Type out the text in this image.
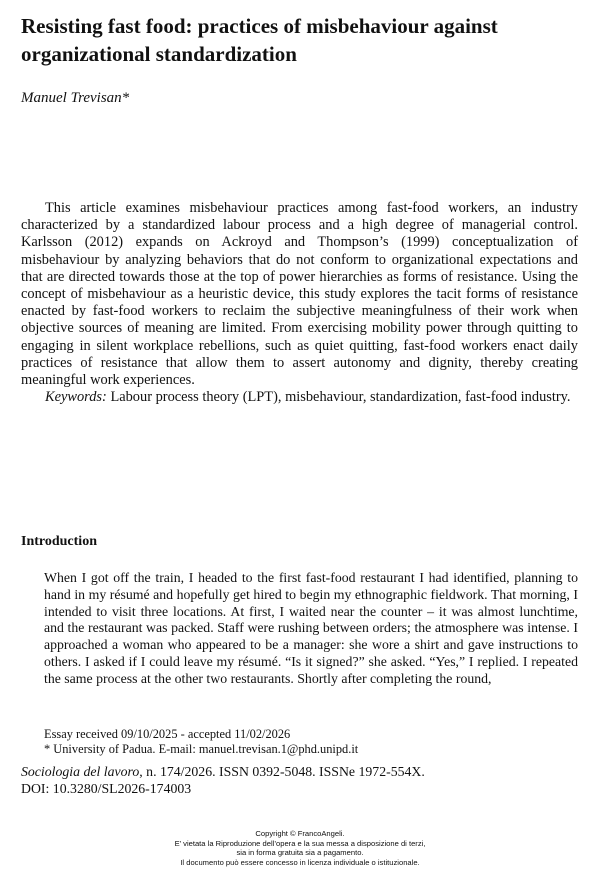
Resisting fast food: practices of misbehaviour against organizational standardization
Manuel Trevisan*

This article examines misbehaviour practices among fast-food workers, an industry characterized by a standardized labour process and a high degree of managerial control. Karlsson (2012) expands on Ackroyd and Thompson’s (1999) conceptualization of misbehaviour by analyzing behaviors that do not conform to organizational expectations and that are directed towards those at the top of power hierarchies as forms of resistance. Using the concept of misbehaviour as a heuristic device, this study explores the tacit forms of resistance enacted by fast-food workers to reclaim the subjective meaningfulness of their work when objective sources of meaning are limited. From exercising mobility power through quitting to engaging in silent workplace rebellions, such as quiet quitting, fast-food workers enact daily practices of resistance that allow them to assert autonomy and dignity, thereby creating meaningful work experiences.

Keywords: Labour process theory (LPT), misbehaviour, standardization, fast-food industry.

Introduction

When I got off the train, I headed to the first fast-food restaurant I had identified, planning to hand in my résumé and hopefully get hired to begin my ethnographic fieldwork. That morning, I intended to visit three locations. At first, I waited near the counter – it was almost lunchtime, and the restaurant was packed. Staff were rushing between orders; the atmosphere was intense. I approached a woman who appeared to be a manager: she wore a shirt and gave instructions to others. I asked if I could leave my résumé. “Is it signed?” she asked. “Yes,” I replied. I repeated the same process at the other two restaurants. Shortly after completing the round,

Essay received 09/10/2025 - accepted 11/02/2026
* University of Padua. E-mail: manuel.trevisan.1@phd.unipd.it
Sociologia del lavoro, n. 174/2026. ISSN 0392-5048. ISSNe 1972-554X.
DOI: 10.3280/SL2026-174003
Copyright © FrancoAngeli.
E’ vietata la Riproduzione dell’opera e la sua messa a disposizione di terzi,
sia in forma gratuita sia a pagamento.
Il documento può essere concesso in licenza individuale o istituzionale.
